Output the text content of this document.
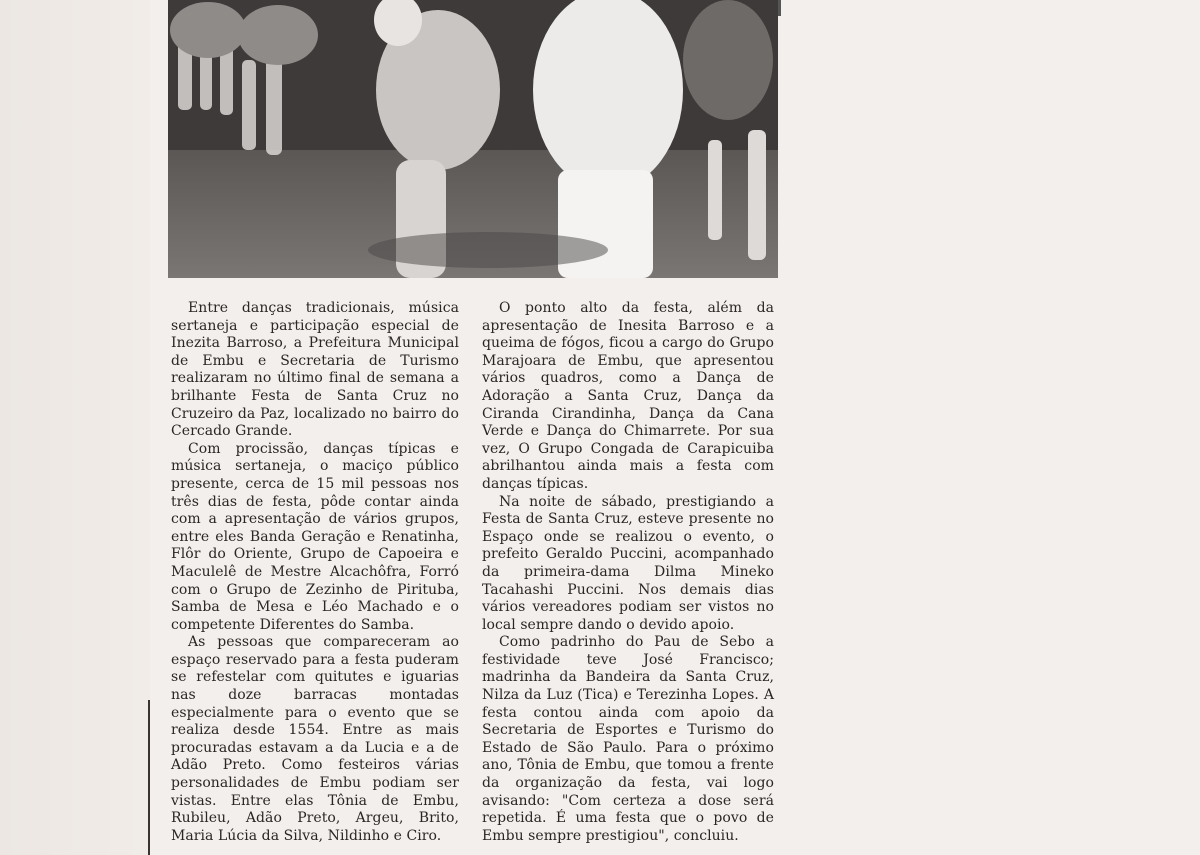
Entre danças tradicionais, música sertaneja e participação especial de Inezita Barroso, a Prefeitura Municipal de Embu e Secretaria de Turismo realizaram no último final de semana a brilhante Festa de Santa Cruz no Cruzeiro da Paz, localizado no bairro do Cercado Grande.

Com procissão, danças típicas e música sertaneja, o maciço público presente, cerca de 15 mil pessoas nos três dias de festa, pôde contar ainda com a apresentação de vários grupos, entre eles Banda Geração e Renatinha, Flôr do Oriente, Grupo de Capoeira e Maculelê de Mestre Alcachôfra, Forró com o Grupo de Zezinho de Pirituba, Samba de Mesa e Léo Machado e o competente Diferentes do Samba.

As pessoas que compareceram ao espaço reservado para a festa puderam se refestelar com quitutes e iguarias nas doze barracas montadas especialmente para o evento que se realiza desde 1554. Entre as mais procuradas estavam a da Lucia e a de Adão Preto. Como festeiros várias personalidades de Embu podiam ser vistas. Entre elas Tônia de Embu, Rubileu, Adão Preto, Argeu, Brito, Maria Lúcia da Silva, Nildinho e Ciro.

O ponto alto da festa, além da apresentação de Inesita Barroso e a queima de fógos, ficou a cargo do Grupo Marajoara de Embu, que apresentou vários quadros, como a Dança de Adoração a Santa Cruz, Dança da Ciranda Cirandinha, Dança da Cana Verde e Dança do Chimarrete. Por sua vez, O Grupo Congada de Carapicuiba abrilhantou ainda mais a festa com danças típicas.

Na noite de sábado, prestigiando a Festa de Santa Cruz, esteve presente no Espaço onde se realizou o evento, o prefeito Geraldo Puccini, acompanhado da primeira-dama Dilma Mineko Tacahashi Puccini. Nos demais dias vários vereadores podiam ser vistos no local sempre dando o devido apoio.

Como padrinho do Pau de Sebo a festividade teve José Francisco; madrinha da Bandeira da Santa Cruz, Nilza da Luz (Tica) e Terezinha Lopes. A festa contou ainda com apoio da Secretaria de Esportes e Turismo do Estado de São Paulo. Para o próximo ano, Tônia de Embu, que tomou a frente da organização da festa, vai logo avisando: "Com certeza a dose será repetida. É uma festa que o povo de Embu sempre prestigiou", concluiu.
